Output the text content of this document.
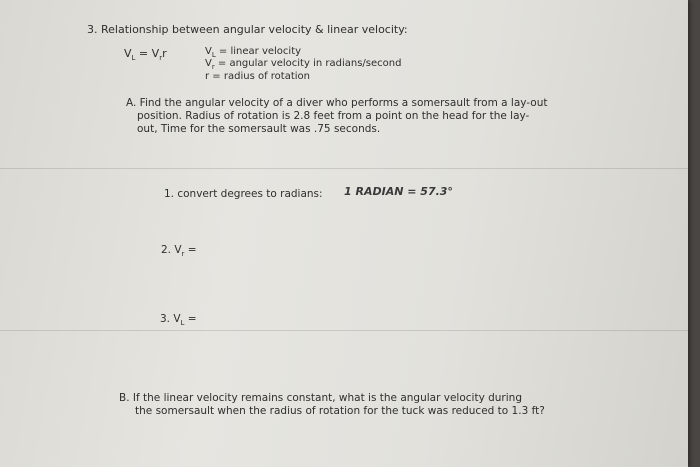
3. Relationship between angular velocity & linear velocity:
$V_L = V_rr$	$V_L$ = linear velocity
$V_r$ = angular velocity in radians/second
r = radius of rotation
A. Find the angular velocity of a diver who performs a somersault from a lay-out
position. Radius of rotation is 2.8 feet from a point on the head for the lay-
out, Time for the somersault was .75 seconds.
1. convert degrees to radians: 1 RADIAN = 57.3°
2. $V_r$ =
3. $V_L$ =
B. If the linear velocity remains constant, what is the angular velocity during
the somersault when the radius of rotation for the tuck was reduced to 1.3 ft?
